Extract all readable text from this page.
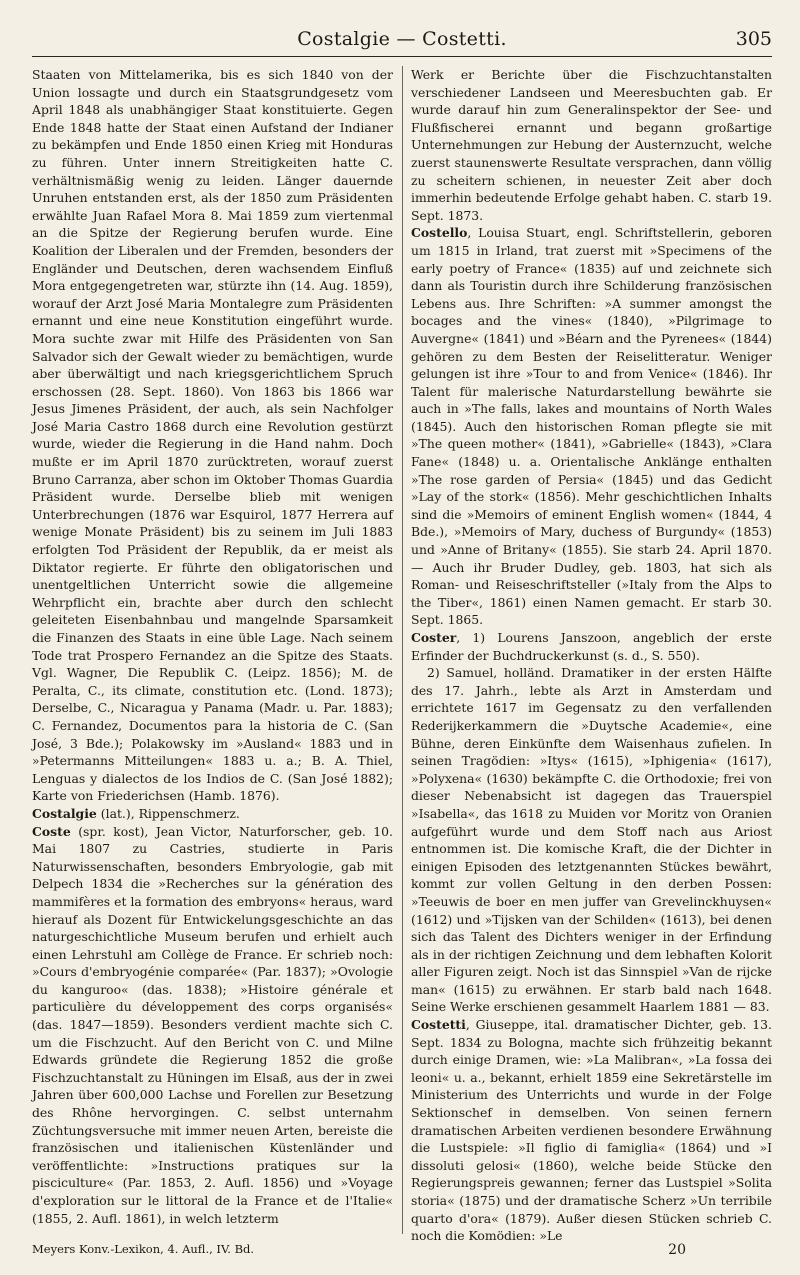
Costalgie — Costetti.	305

Staaten von Mittelamerika, bis es sich 1840 von der Union lossagte und durch ein Staatsgrundgesetz vom April 1848 als unabhängiger Staat konstituierte. Gegen Ende 1848 hatte der Staat einen Aufstand der Indianer zu bekämpfen und Ende 1850 einen Krieg mit Honduras zu führen. Unter innern Streitigkeiten hatte C. verhältnismäßig wenig zu leiden. Länger dauernde Unruhen entstanden erst, als der 1850 zum Präsidenten erwählte Juan Rafael Mora 8. Mai 1859 zum viertenmal an die Spitze der Regierung berufen wurde. Eine Koalition der Liberalen und der Fremden, besonders der Engländer und Deutschen, deren wachsendem Einfluß Mora entgegengetreten war, stürzte ihn (14. Aug. 1859), worauf der Arzt José Maria Montalegre zum Präsidenten ernannt und eine neue Konstitution eingeführt wurde. Mora suchte zwar mit Hilfe des Präsidenten von San Salvador sich der Gewalt wieder zu bemächtigen, wurde aber überwältigt und nach kriegsgerichtlichem Spruch erschossen (28. Sept. 1860). Von 1863 bis 1866 war Jesus Jimenes Präsident, der auch, als sein Nachfolger José Maria Castro 1868 durch eine Revolution gestürzt wurde, wieder die Regierung in die Hand nahm. Doch mußte er im April 1870 zurücktreten, worauf zuerst Bruno Carranza, aber schon im Oktober Thomas Guardia Präsident wurde. Derselbe blieb mit wenigen Unterbrechungen (1876 war Esquirol, 1877 Herrera auf wenige Monate Präsident) bis zu seinem im Juli 1883 erfolgten Tod Präsident der Republik, da er meist als Diktator regierte. Er führte den obligatorischen und unentgeltlichen Unterricht sowie die allgemeine Wehrpflicht ein, brachte aber durch den schlecht geleiteten Eisenbahnbau und mangelnde Sparsamkeit die Finanzen des Staats in eine üble Lage. Nach seinem Tode trat Prospero Fernandez an die Spitze des Staats. Vgl. Wagner, Die Republik C. (Leipz. 1856); M. de Peralta, C., its climate, constitution etc. (Lond. 1873); Derselbe, C., Nicaragua y Panama (Madr. u. Par. 1883); C. Fernandez, Documentos para la historia de C. (San José, 3 Bde.); Polakowsky im »Ausland« 1883 und in »Petermanns Mitteilungen« 1883 u. a.; B. A. Thiel, Lenguas y dialectos de los Indios de C. (San José 1882); Karte von Friederichsen (Hamb. 1876).

Costalgie (lat.), Rippenschmerz.

Coste (spr. kost), Jean Victor, Naturforscher, geb. 10. Mai 1807 zu Castries, studierte in Paris Naturwissenschaften, besonders Embryologie, gab mit Delpech 1834 die »Recherches sur la génération des mammifères et la formation des embryons« heraus, ward hierauf als Dozent für Entwickelungsgeschichte an das naturgeschichtliche Museum berufen und erhielt auch einen Lehrstuhl am Collège de France. Er schrieb noch: »Cours d'embryogénie comparée« (Par. 1837); »Ovologie du kanguroo« (das. 1838); »Histoire générale et particulière du développement des corps organisés« (das. 1847—1859). Besonders verdient machte sich C. um die Fischzucht. Auf den Bericht von C. und Milne Edwards gründete die Regierung 1852 die große Fischzuchtanstalt zu Hüningen im Elsaß, aus der in zwei Jahren über 600,000 Lachse und Forellen zur Besetzung des Rhône hervorgingen. C. selbst unternahm Züchtungsversuche mit immer neuen Arten, bereiste die französischen und italienischen Küstenländer und veröffentlichte: »Instructions pratiques sur la pisciculture« (Par. 1853, 2. Aufl. 1856) und »Voyage d'exploration sur le littoral de la France et de l'Italie« (1855, 2. Aufl. 1861), in welch letzterm

Werk er Berichte über die Fischzuchtanstalten verschiedener Landseen und Meeresbuchten gab. Er wurde darauf hin zum Generalinspektor der See- und Flußfischerei ernannt und begann großartige Unternehmungen zur Hebung der Austernzucht, welche zuerst staunenswerte Resultate versprachen, dann völlig zu scheitern schienen, in neuester Zeit aber doch immerhin bedeutende Erfolge gehabt haben. C. starb 19. Sept. 1873.

Costello, Louisa Stuart, engl. Schriftstellerin, geboren um 1815 in Irland, trat zuerst mit »Specimens of the early poetry of France« (1835) auf und zeichnete sich dann als Touristin durch ihre Schilderung französischen Lebens aus. Ihre Schriften: »A summer amongst the bocages and the vines« (1840), »Pilgrimage to Auvergne« (1841) und »Béarn and the Pyrenees« (1844) gehören zu dem Besten der Reiselitteratur. Weniger gelungen ist ihre »Tour to and from Venice« (1846). Ihr Talent für malerische Naturdarstellung bewährte sie auch in »The falls, lakes and mountains of North Wales (1845). Auch den historischen Roman pflegte sie mit »The queen mother« (1841), »Gabrielle« (1843), »Clara Fane« (1848) u. a. Orientalische Anklänge enthalten »The rose garden of Persia« (1845) und das Gedicht »Lay of the stork« (1856). Mehr geschichtlichen Inhalts sind die »Memoirs of eminent English women« (1844, 4 Bde.), »Memoirs of Mary, duchess of Burgundy« (1853) und »Anne of Britany« (1855). Sie starb 24. April 1870. — Auch ihr Bruder Dudley, geb. 1803, hat sich als Roman- und Reiseschriftsteller (»Italy from the Alps to the Tiber«, 1861) einen Namen gemacht. Er starb 30. Sept. 1865.

Coster, 1) Lourens Janszoon, angeblich der erste Erfinder der Buchdruckerkunst (s. d., S. 550).

2) Samuel, holländ. Dramatiker in der ersten Hälfte des 17. Jahrh., lebte als Arzt in Amsterdam und errichtete 1617 im Gegensatz zu den verfallenden Rederijkerkammern die »Duytsche Academie«, eine Bühne, deren Einkünfte dem Waisenhaus zufielen. In seinen Tragödien: »Itys« (1615), »Iphigenia« (1617), »Polyxena« (1630) bekämpfte C. die Orthodoxie; frei von dieser Nebenabsicht ist dagegen das Trauerspiel »Isabella«, das 1618 zu Muiden vor Moritz von Oranien aufgeführt wurde und dem Stoff nach aus Ariost entnommen ist. Die komische Kraft, die der Dichter in einigen Episoden des letztgenannten Stückes bewährt, kommt zur vollen Geltung in den derben Possen: »Teeuwis de boer en men juffer van Grevelinckhuysen« (1612) und »Tijsken van der Schilden« (1613), bei denen sich das Talent des Dichters weniger in der Erfindung als in der richtigen Zeichnung und dem lebhaften Kolorit aller Figuren zeigt. Noch ist das Sinnspiel »Van de rijcke man« (1615) zu erwähnen. Er starb bald nach 1648. Seine Werke erschienen gesammelt Haarlem 1881 — 83.

Costetti, Giuseppe, ital. dramatischer Dichter, geb. 13. Sept. 1834 zu Bologna, machte sich frühzeitig bekannt durch einige Dramen, wie: »La Malibran«, »La fossa dei leoni« u. a., bekannt, erhielt 1859 eine Sekretärstelle im Ministerium des Unterrichts und wurde in der Folge Sektionschef in demselben. Von seinen fernern dramatischen Arbeiten verdienen besondere Erwähnung die Lustspiele: »Il figlio di famiglia« (1864) und »I dissoluti gelosi« (1860), welche beide Stücke den Regierungspreis gewannen; ferner das Lustspiel »Solita storia« (1875) und der dramatische Scherz »Un terribile quarto d'ora« (1879). Außer diesen Stücken schrieb C. noch die Komödien: »Le

Meyers Konv.-Lexikon, 4. Aufl., IV. Bd.	20
